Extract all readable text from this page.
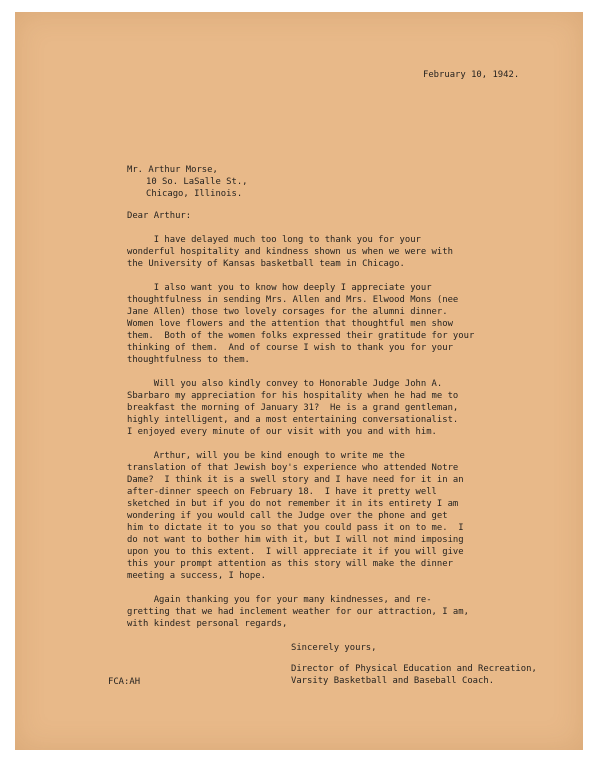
February 10, 1942.

Mr. Arthur Morse,

10 So. LaSalle St.,

Chicago, Illinois.

Dear Arthur:

I have delayed much too long to thank you for your

wonderful hospitality and kindness shown us when we were with

the University of Kansas basketball team in Chicago.

I also want you to know how deeply I appreciate your

thoughtfulness in sending Mrs. Allen and Mrs. Elwood Mons (nee

Jane Allen) those two lovely corsages for the alumni dinner.

Women love flowers and the attention that thoughtful men show

them.  Both of the women folks expressed their gratitude for your

thinking of them.  And of course I wish to thank you for your

thoughtfulness to them.

Will you also kindly convey to Honorable Judge John A.

Sbarbaro my appreciation for his hospitality when he had me to

breakfast the morning of January 31?  He is a grand gentleman,

highly intelligent, and a most entertaining conversationalist.

I enjoyed every minute of our visit with you and with him.

Arthur, will you be kind enough to write me the

translation of that Jewish boy's experience who attended Notre

Dame?  I think it is a swell story and I have need for it in an

after-dinner speech on February 18.  I have it pretty well

sketched in but if you do not remember it in its entirety I am

wondering if you would call the Judge over the phone and get

him to dictate it to you so that you could pass it on to me.  I

do not want to bother him with it, but I will not mind imposing

upon you to this extent.  I will appreciate it if you will give

this your prompt attention as this story will make the dinner

meeting a success, I hope.

Again thanking you for your many kindnesses, and re-

gretting that we had inclement weather for our attraction, I am,

with kindest personal regards,

Sincerely yours,

Director of Physical Education and Recreation,

Varsity Basketball and Baseball Coach.

FCA:AH
